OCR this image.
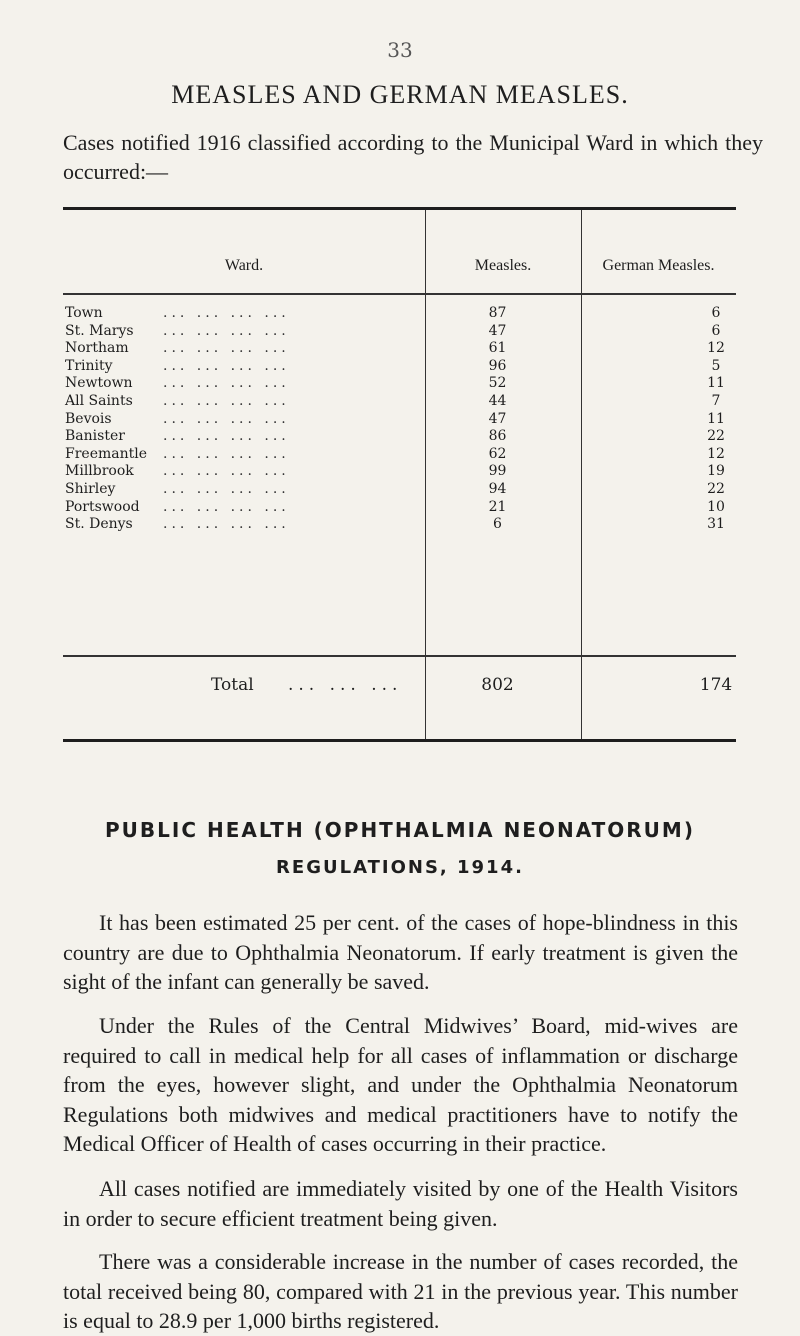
33
MEASLES AND GERMAN MEASLES.
Cases notified 1916 classified according to the Municipal Ward in which they occurred:—
Ward.	Measles.	German Measles.
Town	... ... ... ...	87	6
St. Marys ... ... ... ...	47	6
Northam ... ... ... ...	61	12
Trinity	... ... ... ...	96	5
Newtown ... ... ... ...	52	11
All Saints ... ... ... ...	44	7
Bevois	... ... ... ...	47	11
Banister	... ... ... ...	86	22
Freemantle ... ... ... ...	62	12
Millbrook ... ... ... ...	99	19
Shirley	... ... ... ...	94	22
Portswood ... ... ... ...	21	10
St. Denys ... ... ... ...	6	31
Total ... ... ...	802	174
PUBLIC HEALTH (OPHTHALMIA NEONATORUM)
REGULATIONS, 1914.

It has been estimated 25 per cent. of the cases of hope-blindness in this country are due to Ophthalmia Neonatorum. If early treatment is given the sight of the infant can generally be saved.

Under the Rules of the Central Midwives’ Board, mid-wives are required to call in medical help for all cases of inflammation or discharge from the eyes, however slight, and under the Ophthalmia Neonatorum Regulations both midwives and medical practitioners have to notify the Medical Officer of Health of cases occurring in their practice.

All cases notified are immediately visited by one of the Health Visitors in order to secure efficient treatment being given.

There was a considerable increase in the number of cases recorded, the total received being 80, compared with 21 in the previous year. This number is equal to 28.9 per 1,000 births registered.
